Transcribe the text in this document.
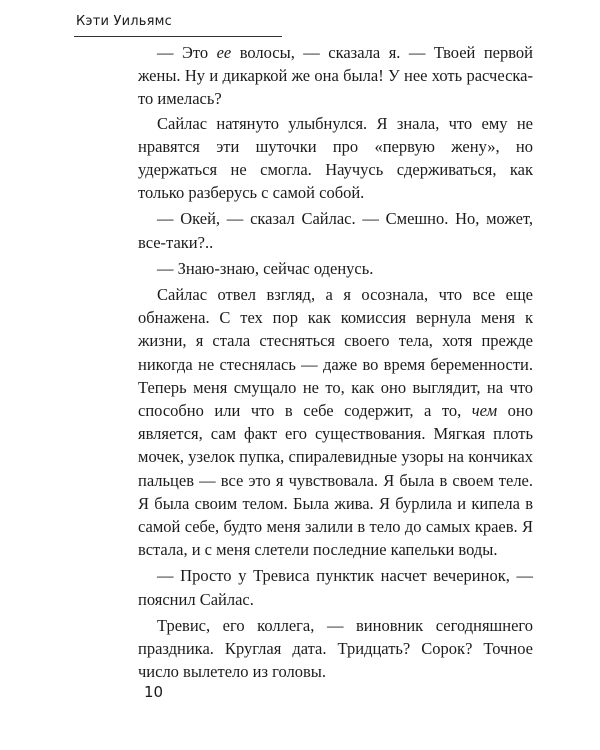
Кэти Уильямс

— Это ее волосы, — сказала я. — Твоей первой жены. Ну и дикаркой же она была! У нее хоть расческа-то имелась?

Сайлас натянуто улыбнулся. Я знала, что ему не нравятся эти шуточки про «первую жену», но удержаться не смогла. Научусь сдерживаться, как только разберусь с самой собой.

— Окей, — сказал Сайлас. — Смешно. Но, может, все-таки?..

— Знаю-знаю, сейчас оденусь.

Сайлас отвел взгляд, а я осознала, что все еще обнажена. С тех пор как комиссия вернула меня к жизни, я стала стесняться своего тела, хотя прежде никогда не стеснялась — даже во время беременности. Теперь меня смущало не то, как оно выглядит, на что способно или что в себе содержит, а то, чем оно является, сам факт его существования. Мягкая плоть мочек, узелок пупка, спиралевидные узоры на кончиках пальцев — все это я чувствовала. Я была в своем теле. Я была своим телом. Была жива. Я бурлила и кипела в самой себе, будто меня залили в тело до самых краев. Я встала, и с меня слетели последние капельки воды.

— Просто у Тревиса пунктик насчет вечеринок, — пояснил Сайлас.

Тревис, его коллега, — виновник сегодняшнего праздника. Круглая дата. Тридцать? Сорок? Точное число вылетело из головы.

10
